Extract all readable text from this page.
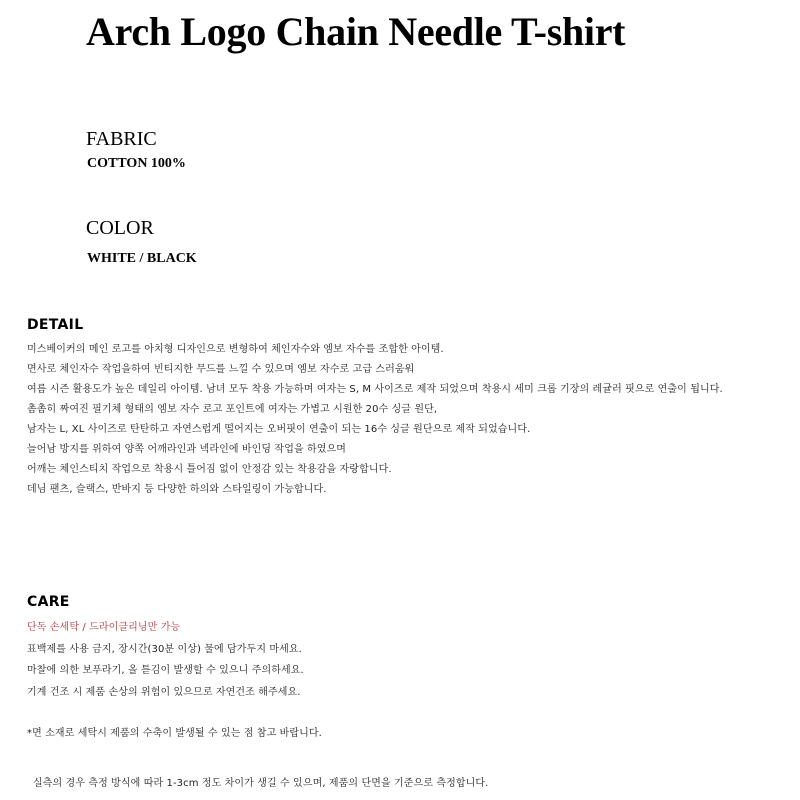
Arch Logo Chain Needle T-shirt
FABRIC
COTTON 100%
COLOR
WHITE / BLACK
DETAIL
미스베이커의 메인 로고를 아치형 디자인으로 변형하여 체인자수와 엠보 자수를 조합한 아이템.
면사로 체인자수 작업을하여 빈티지한 무드를 느낄 수 있으며 엠보 자수로 고급 스러움워
여름 시즌 활용도가 높은 데일리 아이템. 남녀 모두 착용 가능하며 여자는 S, M 사이즈로 제작 되었으며 착용시 세미 크롭 기장의 레귤러 핏으로 연출이 됩니다.
촘촘히 짜여진 필기체 형태의 엠보 자수 로고 포인트에 여자는 가볍고 시원한 20수 싱글 원단,
남자는 L, XL 사이즈로 탄탄하고 자연스럽게 떨어지는 오버핏이 연출이 되는 16수 싱글 원단으로 제작 되었습니다.
늘어남 방지를 위하여 양쪽 어깨라인과 넥라인에 바인딩 작업을 하였으며
어깨는 체인스티치 작업으로 착용시 틀어짐 없이 안정감 있는 착용감을 자랑합니다.
데님 팬츠, 슬랙스, 반바지 등 다양한 하의와 스타일링이 가능합니다.
CARE
단독 손세탁 / 드라이클리닝만 가능
표백제를 사용 금지, 장시간(30분 이상) 물에 담가두지 마세요.
마찰에 의한 보푸라기, 올 튿김이 발생할 수 있으니 주의하세요.
기계 건조 시 제품 손상의 위험이 있으므로 자연건조 해주세요.
*면 소재로 세탁시 제품의 수축이 발생될 수 있는 점 참고 바랍니다.
실측의 경우 측정 방식에 따라 1-3cm 정도 차이가 생길 수 있으며, 제품의 단면을 기준으로 측정합니다.
